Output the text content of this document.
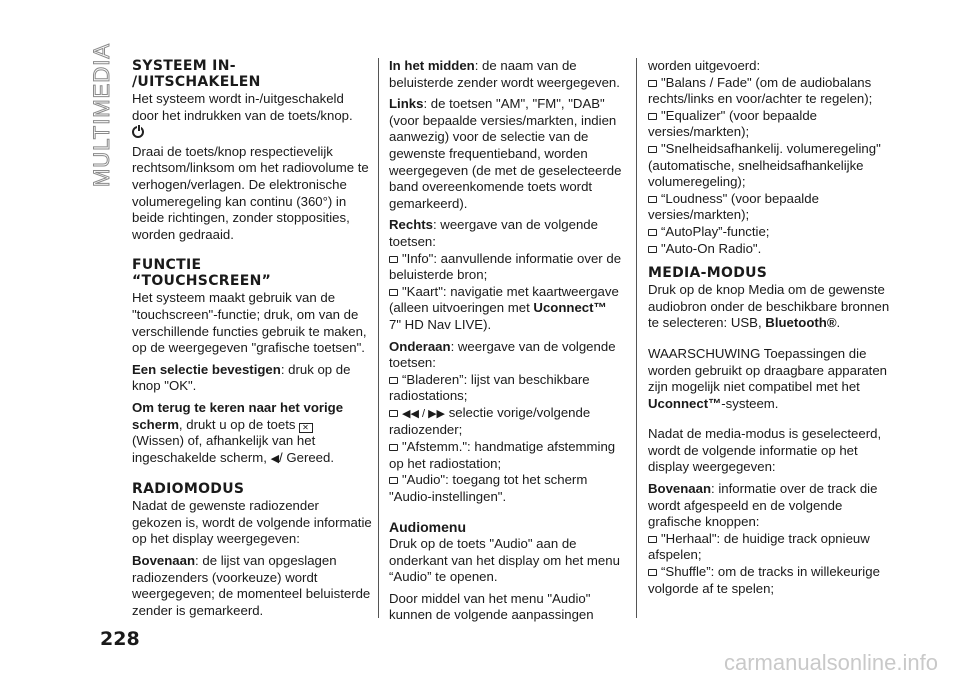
MULTIMEDIA
228
SYSTEEM IN-
/UITSCHAKELEN

Het systeem wordt in-/uitgeschakeld door het indrukken van de toets/knop.

Draai de toets/knop respectievelijk rechtsom/linksom om het radiovolume te verhogen/verlagen. De elektronische volumeregeling kan continu (360°) in beide richtingen, zonder stopposities, worden gedraaid.

FUNCTIE
“TOUCHSCREEN”

Het systeem maakt gebruik van de "touchscreen"-functie; druk, om van de verschillende functies gebruik te maken, op de weergegeven "grafische toetsen".

Een selectie bevestigen: druk op de knop "OK".

Om terug te keren naar het vorige scherm, drukt u op de toets ✕
(Wissen) of, afhankelijk van het ingeschakelde scherm, ◀/ Gereed.

RADIOMODUS

Nadat de gewenste radiozender gekozen is, wordt de volgende informatie op het display weergegeven:

Bovenaan: de lijst van opgeslagen radiozenders (voorkeuze) wordt weergegeven; de momenteel beluisterde zender is gemarkeerd.

In het midden: de naam van de beluisterde zender wordt weergegeven.

Links: de toetsen "AM", "FM", "DAB" (voor bepaalde versies/markten, indien aanwezig) voor de selectie van de gewenste frequentieband, worden weergegeven (de met de geselecteerde band overeenkomende toets wordt gemarkeerd).

Rechts: weergave van de volgende toetsen:

"Info": aanvullende informatie over de beluisterde bron;

"Kaart": navigatie met kaartweergave (alleen uitvoeringen met Uconnect™
7" HD Nav LIVE).

Onderaan: weergave van de volgende toetsen:

“Bladeren”: lijst van beschikbare radiostations;

◀◀ / ▶▶ selectie vorige/volgende radiozender;

"Afstemm.": handmatige afstemming op het radiostation;

"Audio": toegang tot het scherm "Audio-instellingen".

Audiomenu

Druk op de toets "Audio" aan de onderkant van het display om het menu “Audio” te openen.

Door middel van het menu "Audio" kunnen de volgende aanpassingen

worden uitgevoerd:

"Balans / Fade" (om de audiobalans rechts/links en voor/achter te regelen);

"Equalizer" (voor bepaalde versies/markten);

"Snelheidsafhankelij. volumeregeling" (automatische, snelheidsafhankelijke volumeregeling);

“Loudness" (voor bepaalde versies/markten);

“AutoPlay”-functie;

"Auto-On Radio".

MEDIA-MODUS

Druk op de knop Media om de gewenste audiobron onder de beschikbare bronnen te selecteren: USB, Bluetooth®.

WAARSCHUWING Toepassingen die worden gebruikt op draagbare apparaten zijn mogelijk niet compatibel met het Uconnect™-systeem.

Nadat de media-modus is geselecteerd, wordt de volgende informatie op het display weergegeven:

Bovenaan: informatie over de track die wordt afgespeeld en de volgende grafische knoppen:

"Herhaal": de huidige track opnieuw afspelen;

“Shuffle”: om de tracks in willekeurige volgorde af te spelen;

carmanualsonline.info
